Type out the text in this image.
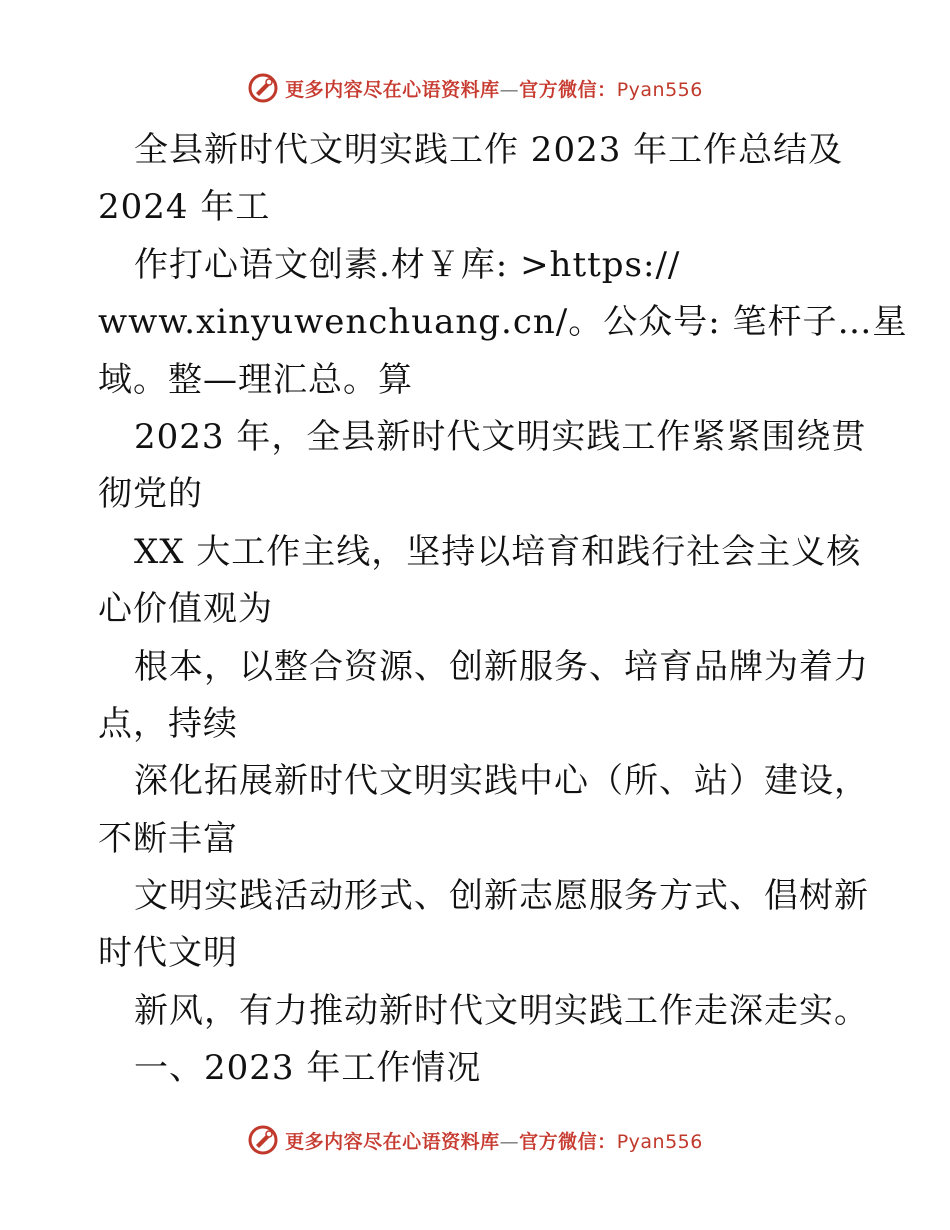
更多内容尽在心语资料库—官方微信：Pyan556
全县新时代文明实践工作 2023 年工作总结及
2024 年工
作打心语文创素.材￥库: >https://
www.xinyuwenchuang.cn/。公众号: 笔杆子…星
域。整—理汇总。算
2023 年，全县新时代文明实践工作紧紧围绕贯
彻党的
XX 大工作主线，坚持以培育和践行社会主义核
心价值观为
根本，以整合资源、创新服务、培育品牌为着力
点，持续
深化拓展新时代文明实践中心（所、站）建设，
不断丰富
文明实践活动形式、创新志愿服务方式、倡树新
时代文明
新风，有力推动新时代文明实践工作走深走实。
一、2023 年工作情况
更多内容尽在心语资料库—官方微信：Pyan556
